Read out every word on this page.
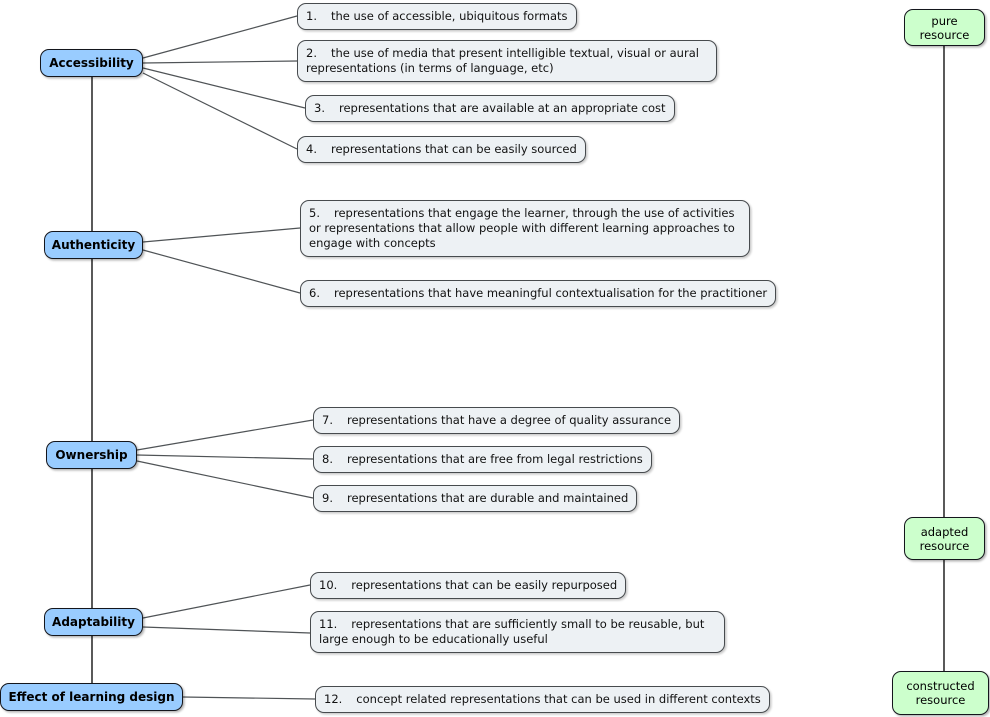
Accessibility
Authenticity
Ownership
Adaptability
Effect of learning design
1. the use of accessible, ubiquitous formats
2. the use of media that present intelligible textual, visual or aural representations (in terms of language, etc)
3. representations that are available at an appropriate cost
4. representations that can be easily sourced
5. representations that engage the learner, through the use of activities or representations that allow people with different learning approaches to engage with concepts
6. representations that have meaningful contextualisation for the practitioner
7. representations that have a degree of quality assurance
8. representations that are free from legal restrictions
9. representations that are durable and maintained
10. representations that can be easily repurposed
11. representations that are sufficiently small to be reusable, but large enough to be educationally useful
12. concept related representations that can be used in different contexts
pure resource
adapted resource
constructed resource
